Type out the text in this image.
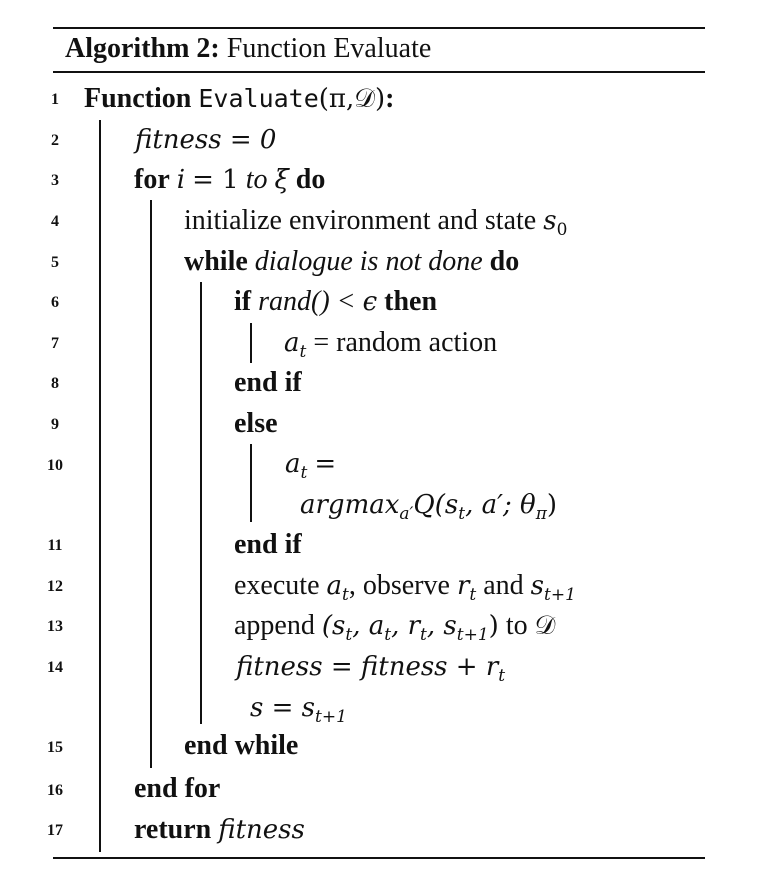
Algorithm 2: Function Evaluate
1
2
3
4
5
6
7
8
9
10
11
12
13
14
15
16
17
Function Evaluate(π,𝒟):
fitness = 0
for i = 1 to ξ do
initialize environment and state $s_0$
while dialogue is not done do
if rand() < ϵ then
$a_t$ = random action
end if
else
$a_t$ =
$argmax_{a'}Q(s_t$, a′; $\theta_\pi$)
end if
execute $a_t$, observe $r_t$ and $s_{t+1}$
append ($s_t$, $a_t$, $r_t$, $s_{t+1}$) to 𝒟
fitness = fitness + $r_t$
$s = s_{t+1}$
end while
end for
return fitness
